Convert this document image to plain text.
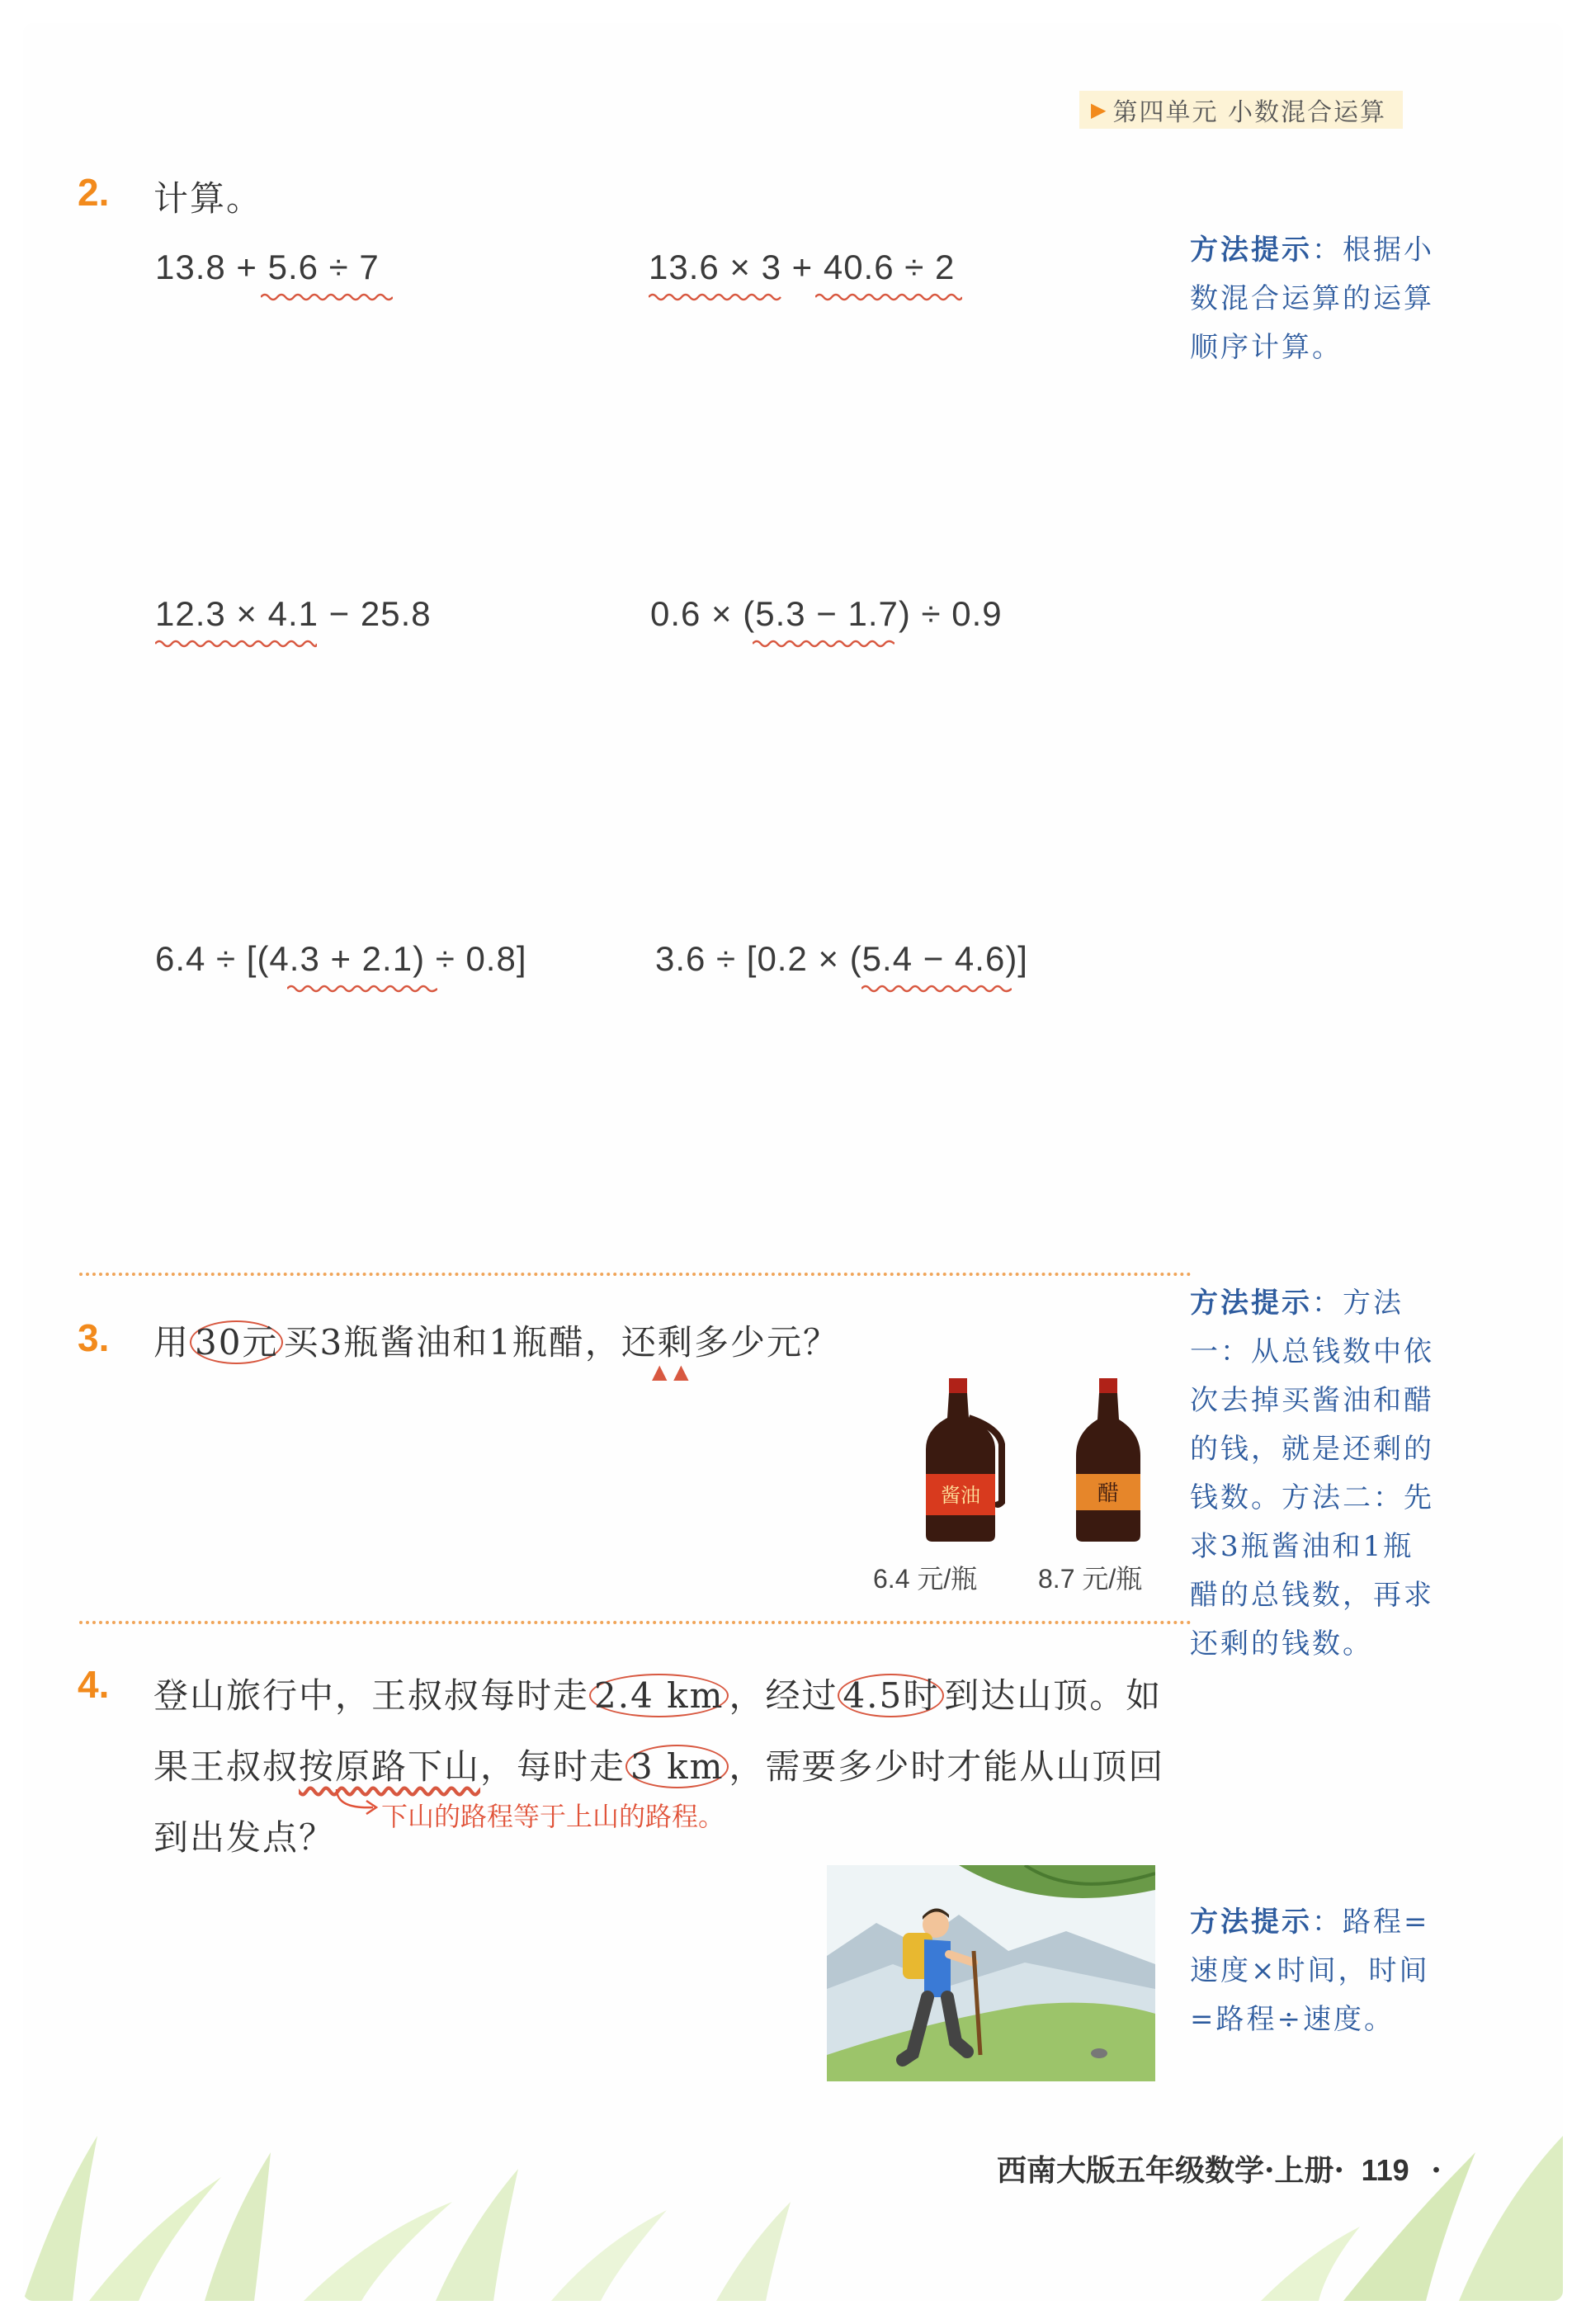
▶ 第四单元 小数混合运算
2. 计算。
13.8 + 5.6 ÷ 7	13.6 × 3 + 40.6 ÷ 2	方法提示：根据小数混合运算的运算顺序计算。
12.3 × 4.1 − 25.8	0.6 × (5.3 − 1.7) ÷ 0.9
6.4 ÷ [(4.3 + 2.1) ÷ 0.8]	3.6 ÷ [0.2 × (5.4 − 4.6)]
3. 用 30元 买3瓶酱油和1瓶醋，还剩多少元？
▲ ▲
方法提示：方法一：从总钱数中依次去掉买酱油和醋的钱，就是还剩的钱数。方法二：先求3瓶酱油和1瓶醋的总钱数，再求还剩的钱数。
酱油	醋
6.4 元/瓶 8.7 元/瓶
4. 登山旅行中，王叔叔每时走 2.4 km ，经过 4.5时 到达山顶。如
果王叔叔按原路下山，每时走 3 km ，需要多少时才能从山顶回
到出发点？
下山的路程等于上山的路程。
方法提示：路程=速度×时间，时间=路程÷速度。
西南大版五年级数学·上册· 119 ·
